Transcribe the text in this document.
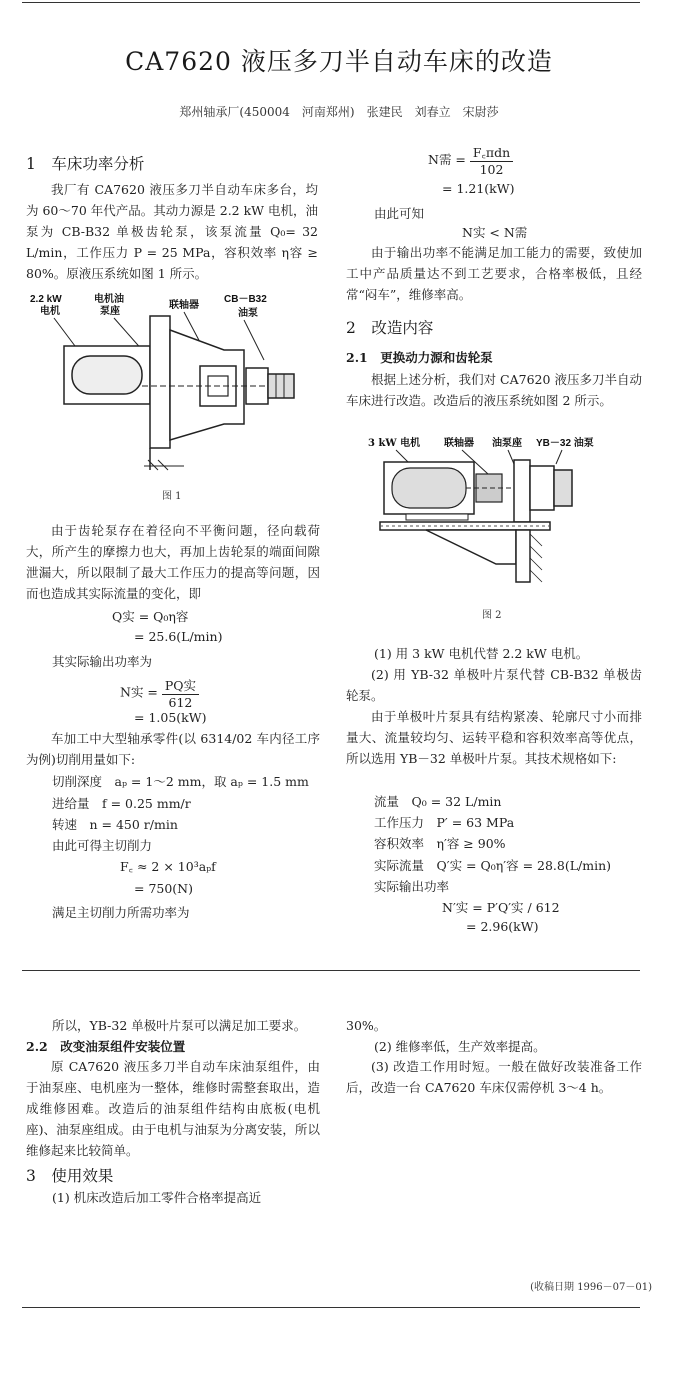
CA7620 液压多刀半自动车床的改造
郑州轴承厂(450004　河南郑州)　张建民　刘春立　宋尉莎
1　车床功率分析
我厂有 CA7620 液压多刀半自动车床多台，均为 60～70 年代产品。其动力源是 2.2 kW 电机，油泵为 CB-B32 单极齿轮泵，该泵流量 Q₀= 32 L/min，工作压力 P = 25 MPa，容积效率 η容 ≥ 80%。原液压系统如图 1 所示。
2.2 kW
电机
电机油
泵座
联轴器
CB－B32
油泵
图 1
由于齿轮泵存在着径向不平衡问题，径向载荷大，所产生的摩擦力也大，再加上齿轮泵的端面间隙泄漏大，所以限制了最大工作压力的提高等问题，因而也造成其实际流量的变化，即
Q实 = Q₀η容
= 25.6(L/min)
其实际输出功率为
N实 = $\frac{\text{PQ实}}{612}$
= 1.05(kW)
车加工中大型轴承零件(以 6314/02 车内径工序为例)切削用量如下:
切削深度　aₚ = 1～2 mm，取 aₚ = 1.5 mm
进给量　f = 0.25 mm/r
转速　n = 450 r/min
由此可得主切削力
F꜀ ≈ 2 × 10³aₚf
= 750(N)
满足主切削力所需功率为
N需 = $\frac{\text{F꜀πdn}}{102}$
= 1.21(kW)
由此可知
N实 < N需
由于输出功率不能满足加工能力的需要，致使加工中产品质量达不到工艺要求，合格率极低，且经常“闷车”，维修率高。
2　改造内容
2.1　更换动力源和齿轮泵
根据上述分析，我们对 CA7620 液压多刀半自动车床进行改造。改造后的液压系统如图 2 所示。
3 kW 电机 联轴器 油泵座 YB－32 油泵
图 2
(1) 用 3 kW 电机代替 2.2 kW 电机。
(2) 用 YB-32 单极叶片泵代替 CB-B32 单极齿轮泵。
由于单极叶片泵具有结构紧凑、轮廓尺寸小而排量大、流量较均匀、运转平稳和容积效率高等优点，所以选用 YB－32 单极叶片泵。其技术规格如下:
流量　Q₀ = 32 L/min
工作压力　P′ = 63 MPa
容积效率　η′容 ≥ 90%
实际流量　Q′实 = Q₀η′容 = 28.8(L/min)
实际输出功率
N′实 = P′Q′实 / 612
= 2.96(kW)
所以，YB-32 单极叶片泵可以满足加工要求。
2.2　改变油泵组件安装位置
原 CA7620 液压多刀半自动车床油泵组件，由于油泵座、电机座为一整体，维修时需整套取出，造成维修困难。改造后的油泵组件结构由底板(电机座)、油泵座组成。由于电机与油泵为分离安装，所以维修起来比较简单。
3　使用效果
(1) 机床改造后加工零件合格率提高近
30%。
(2) 维修率低，生产效率提高。
(3) 改造工作用时短。一般在做好改装准备工作后，改造一台 CA7620 车床仅需停机 3～4 h。
(收稿日期 1996－07－01)
